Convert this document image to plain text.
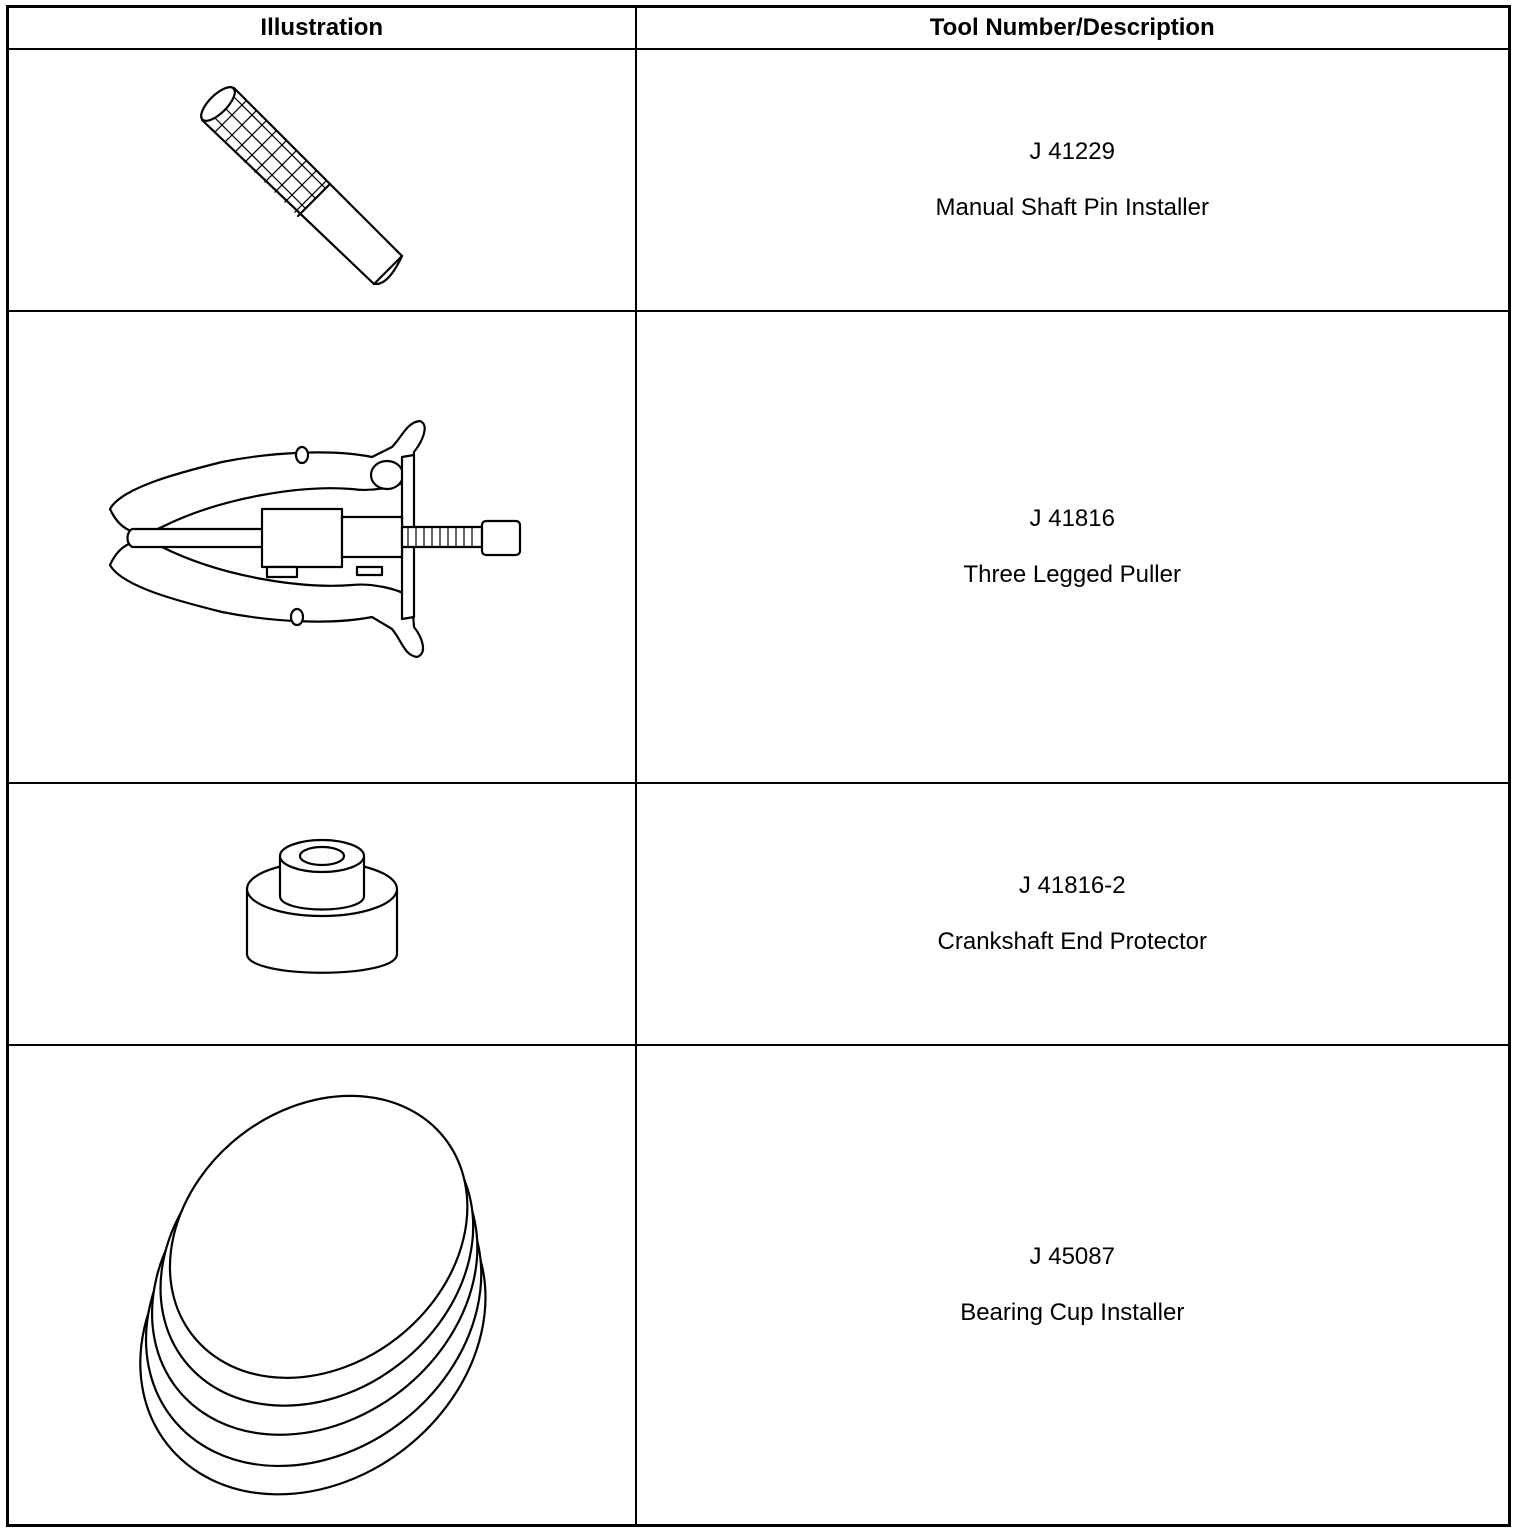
Illustration	Tool Number/Description

J 41229
Manual Shaft Pin Installer

J 41816
Three Legged Puller

J 41816-2
Crankshaft End Protector

J 45087
Bearing Cup Installer
